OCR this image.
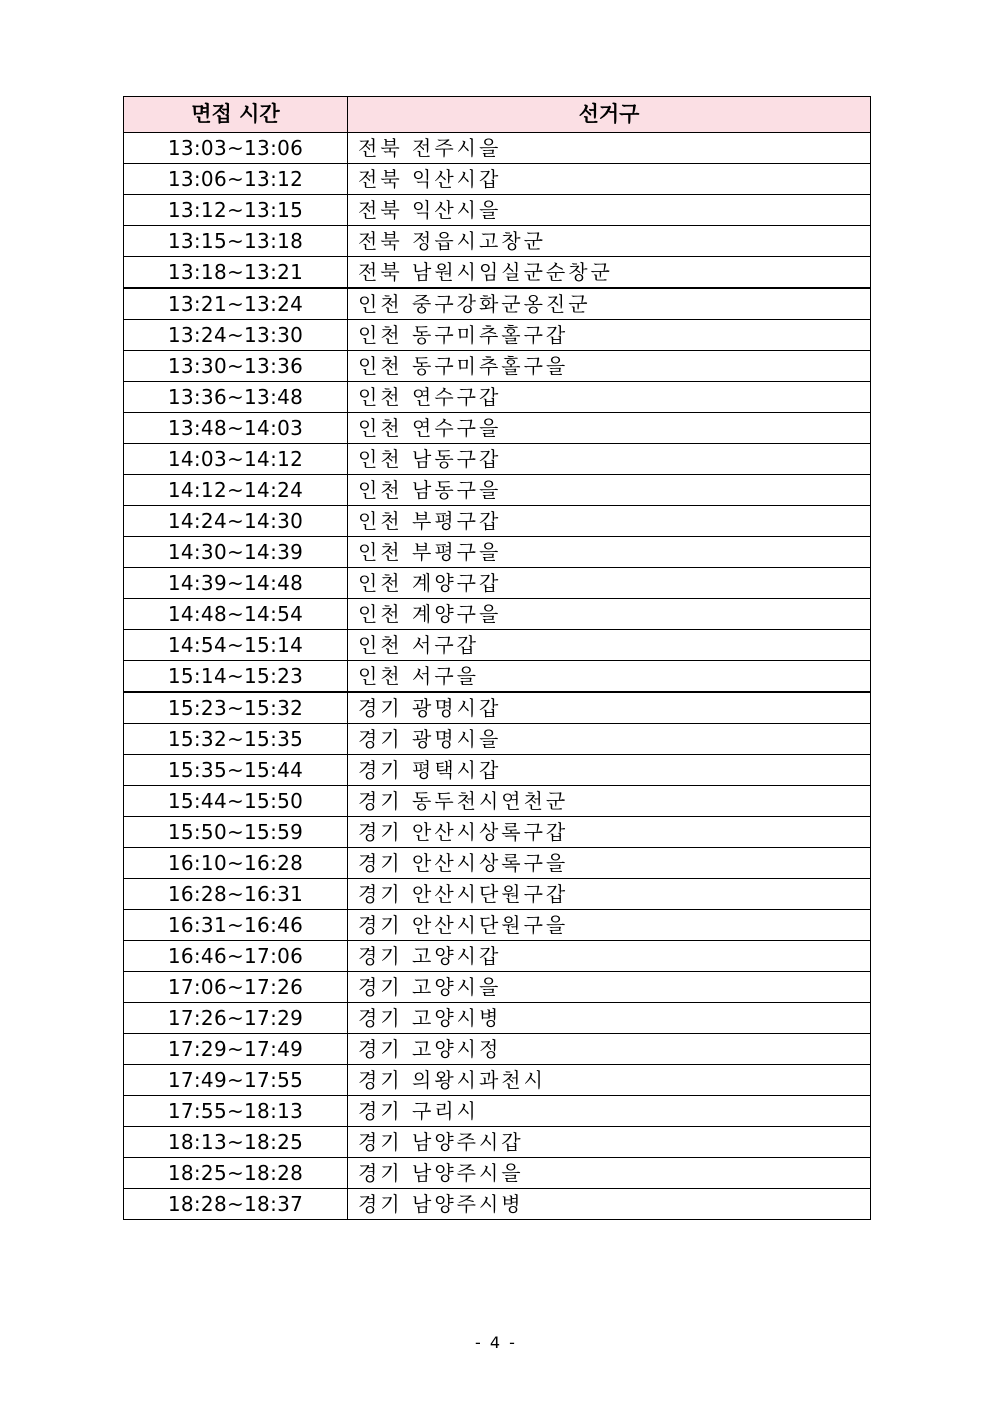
면접 시간	선거구
13:03~13:06	전북 전주시을
13:06~13:12	전북 익산시갑
13:12~13:15	전북 익산시을
13:15~13:18	전북 정읍시고창군
13:18~13:21	전북 남원시임실군순창군
13:21~13:24	인천 중구강화군옹진군
13:24~13:30	인천 동구미추홀구갑
13:30~13:36	인천 동구미추홀구을
13:36~13:48	인천 연수구갑
13:48~14:03	인천 연수구을
14:03~14:12	인천 남동구갑
14:12~14:24	인천 남동구을
14:24~14:30	인천 부평구갑
14:30~14:39	인천 부평구을
14:39~14:48	인천 계양구갑
14:48~14:54	인천 계양구을
14:54~15:14	인천 서구갑
15:14~15:23	인천 서구을
15:23~15:32	경기 광명시갑
15:32~15:35	경기 광명시을
15:35~15:44	경기 평택시갑
15:44~15:50	경기 동두천시연천군
15:50~15:59	경기 안산시상록구갑
16:10~16:28	경기 안산시상록구을
16:28~16:31	경기 안산시단원구갑
16:31~16:46	경기 안산시단원구을
16:46~17:06	경기 고양시갑
17:06~17:26	경기 고양시을
17:26~17:29	경기 고양시병
17:29~17:49	경기 고양시정
17:49~17:55	경기 의왕시과천시
17:55~18:13	경기 구리시
18:13~18:25	경기 남양주시갑
18:25~18:28	경기 남양주시을
18:28~18:37	경기 남양주시병
- 4 -
